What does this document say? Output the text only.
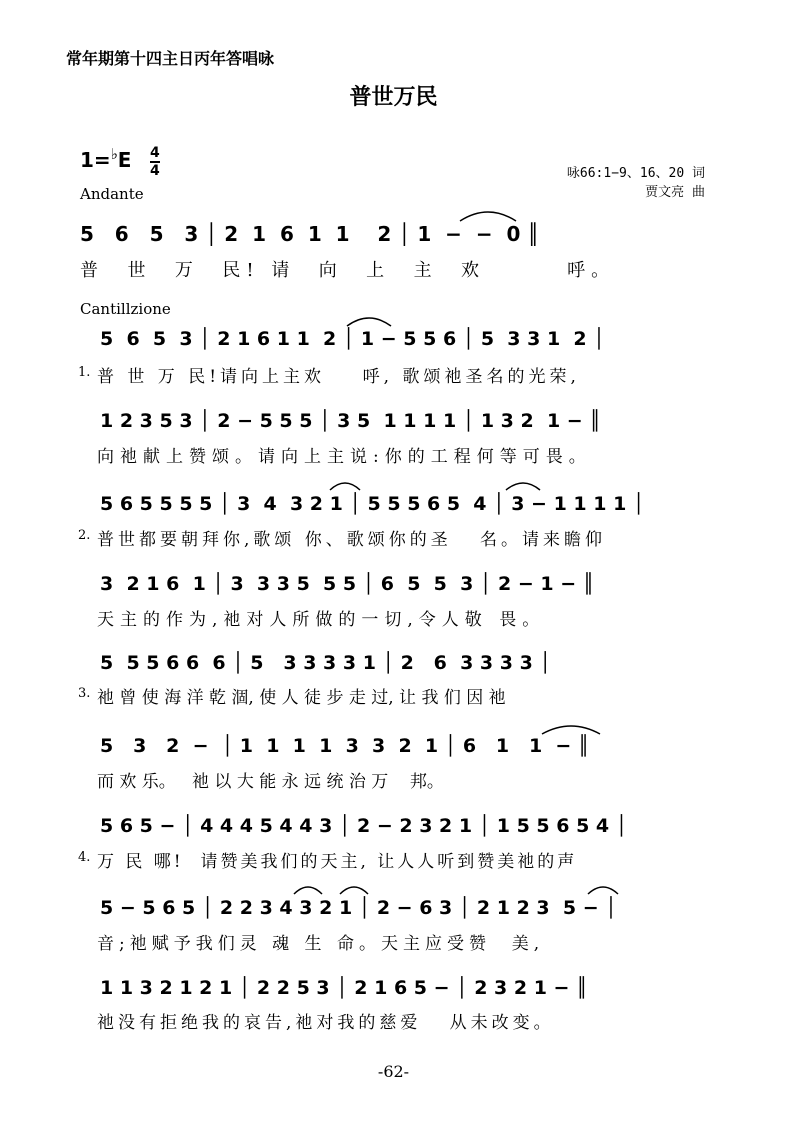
常年期第十四主日丙年答唱咏
普世万民
1=♭E 4
4
Andante
咏66:1−9、16、20 词
贾文亮 曲
5   6   5   3 │ 2  1  6  1  1    2 │ 1  −  −  0 ║
普  世  万  民! 请  向  上  主  欢       呼。
Cantillzione
5  6  5  3 │ 2 1 6 1 1  2 │ 1 − 5 5 6 │ 5  3 3 1  2 │
1. 普 世 万 民!请向上主欢    呼, 歌颂祂圣名的光荣,
1 2 3 5 3 │ 2 − 5 5 5 │ 3 5  1 1 1 1 │ 1 3 2  1 − ║
向祂献上赞颂。请向上主说:你的工程何等可畏。
5 6 5 5 5 5 │ 3  4  3 2 1 │ 5 5 5 6 5  4 │ 3 − 1 1 1 1 │
2. 普世都要朝拜你,歌颂 你、歌颂你的圣   名。请来瞻仰
3  2 1 6  1 │ 3  3 3 5  5 5 │ 6  5  5  3 │ 2 − 1 − ║
天主的作为,祂对人所做的一切,令人敬 畏。
5  5 5 6 6  6 │ 5   3 3 3 3 1 │ 2   6  3 3 3 3 │
3. 祂 曾 使 海 洋 乾 涸, 使 人 徒 步 走 过, 让 我 们 因 祂
5   3   2  −  │ 1  1  1  1  3  3  2  1 │ 6   1   1  − ║
而 欢 乐。   祂 以 大 能 永 远 统 治 万    邦。
5 6 5 − │ 4 4 4 5 4 4 3 │ 2 − 2 3 2 1 │ 1 5 5 6 5 4 │
4. 万 民 哪!  请赞美我们的天主, 让人人听到赞美祂的声
5 − 5 6 5 │ 2 2 3 4 3 2 1 │ 2 − 6 3 │ 2 1 2 3  5 − │
音;祂赋予我们灵 魂 生 命。天主应受赞  美,
1 1 3 2 1 2 1 │ 2 2 5 3 │ 2 1 6 5 − │ 2 3 2 1 − ║
祂没有拒绝我的哀告,祂对我的慈爱   从未改变。
-62-
